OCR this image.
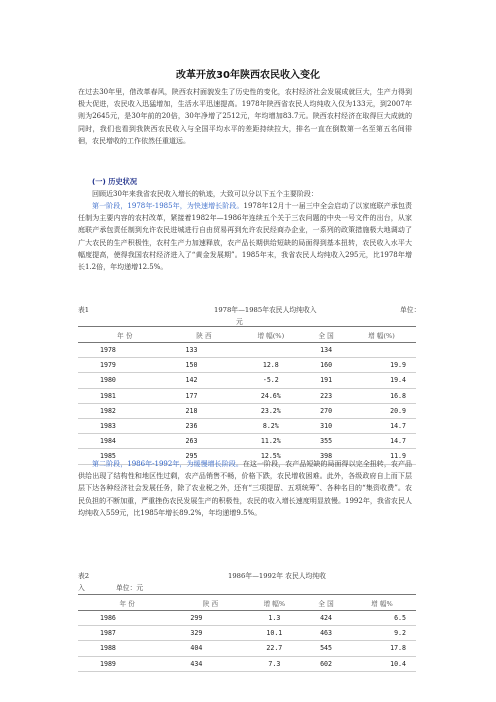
改革开放30年陕西农民收入变化

在过去30年里，借改革春风，陕西农村面貌发生了历史性的变化，农村经济社会发展成就巨大，生产力得到极大促进，农民收入迅猛增加，生活水平迅速提高。1978年陕西省农民人均纯收入仅为133元，到2007年则为2645元，是30年前的20倍，30年净增了2512元，年均增加83.7元。陕西农村经济在取得巨大成就的同时，我们也看到我陕西农民收入与全国平均水平的差距持续拉大，排名一直在倒数第一名至第五名间徘徊，农民增收的工作依然任重道远。

(一) 历史状况

回顾近30年来我省农民收入增长的轨迹，大致可以分以下五个主要阶段：

第一阶段，1978年-1985年，为快速增长阶段。1978年12月十一届三中全会启动了以家庭联产承包责任制为主要内容的农村改革，紧接着1982年—1986年连续五个关于三农问题的中央一号文件的出台，从家庭联产承包责任制到允许农民进城进行自由贸易再到允许农民经商办企业，一系列的政策措施极大地调动了广大农民的生产积极性，农村生产力加速释放，农产品长期供给短缺的局面得到基本扭转，农民收入水平大幅度提高，使得我国农村经济进入了“黄金发展期”。1985年末，我省农民人均纯收入295元，比1978年增长1.2倍，年均递增12.5%。

表1	1978年—1985年农民人均纯收入	单位：
元
年 份	陕 西	增 幅(%)	全 国	增 幅(%)
1978	133		134	
1979	150	12.8	160	19.9
1980	142	-5.2	191	19.4
1981	177	24.6%	223	16.8
1982	218	23.2%	270	20.9
1983	236	8.2%	310	14.7
1984	263	11.2%	355	14.7
1985	295	12.5%	398	11.9

第二阶段，1986年-1992年，为缓慢增长阶段。在这一阶段，农产品短缺的局面得以完全扭转，农产品供给出现了结构性和地区性过剩，农产品销售不畅，价格下跌，农民增收困难。此外，各级政府自上而下层层下达各种经济社会发展任务，除了农业税之外，还有“三项提留、五项统筹”、各种名目的“集资收费”。农民负担的不断加重，严重挫伤农民发展生产的积极性，农民的收入增长速度明显放慢。1992年，我省农民人均纯收入559元，比1985年增长89.2%，年均递增9.5%。

表2	1986年—1992年 农民人均纯收
入	单位：元
年 份	陕 西	增 幅%	全 国	增 幅%
1986	299	1.3	424	6.5
1987	329	10.1	463	9.2
1988	404	22.7	545	17.8
1989	434	7.3	602	10.4
